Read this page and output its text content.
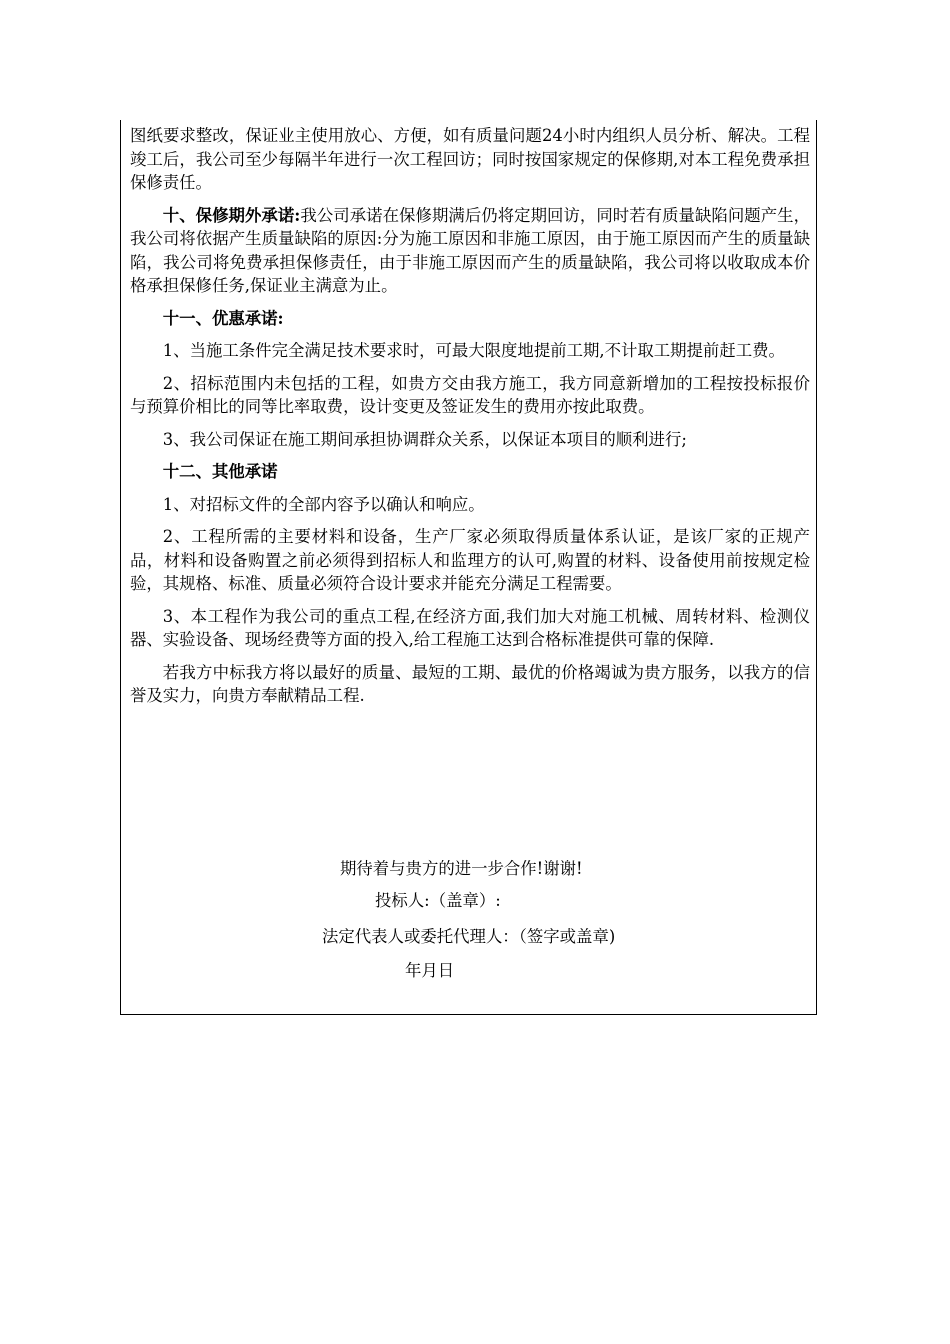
图纸要求整改，保证业主使用放心、方便，如有质量问题24小时内组织人员分析、解决。工程竣工后，我公司至少每隔半年进行一次工程回访；同时按国家规定的保修期,对本工程免费承担保修责任。

十、保修期外承诺:我公司承诺在保修期满后仍将定期回访，同时若有质量缺陷问题产生，我公司将依据产生质量缺陷的原因:分为施工原因和非施工原因，由于施工原因而产生的质量缺陷，我公司将免费承担保修责任，由于非施工原因而产生的质量缺陷，我公司将以收取成本价格承担保修任务,保证业主满意为止。

十一、优惠承诺:

1、当施工条件完全满足技术要求时，可最大限度地提前工期,不计取工期提前赶工费。

2、招标范围内未包括的工程，如贵方交由我方施工，我方同意新增加的工程按投标报价与预算价相比的同等比率取费，设计变更及签证发生的费用亦按此取费。

3、我公司保证在施工期间承担协调群众关系，以保证本项目的顺利进行;

十二、其他承诺

1、对招标文件的全部内容予以确认和响应。

2、工程所需的主要材料和设备，生产厂家必须取得质量体系认证，是该厂家的正规产品，材料和设备购置之前必须得到招标人和监理方的认可,购置的材料、设备使用前按规定检验，其规格、标准、质量必须符合设计要求并能充分满足工程需要。

3、本工程作为我公司的重点工程,在经济方面,我们加大对施工机械、周转材料、检测仪器、实验设备、现场经费等方面的投入,给工程施工达到合格标准提供可靠的保障.

若我方中标我方将以最好的质量、最短的工期、最优的价格竭诚为贵方服务，以我方的信誉及实力，向贵方奉献精品工程.

期待着与贵方的进一步合作!谢谢!
投标人:（盖章）:
法定代表人或委托代理人：（签字或盖章)
年月日
